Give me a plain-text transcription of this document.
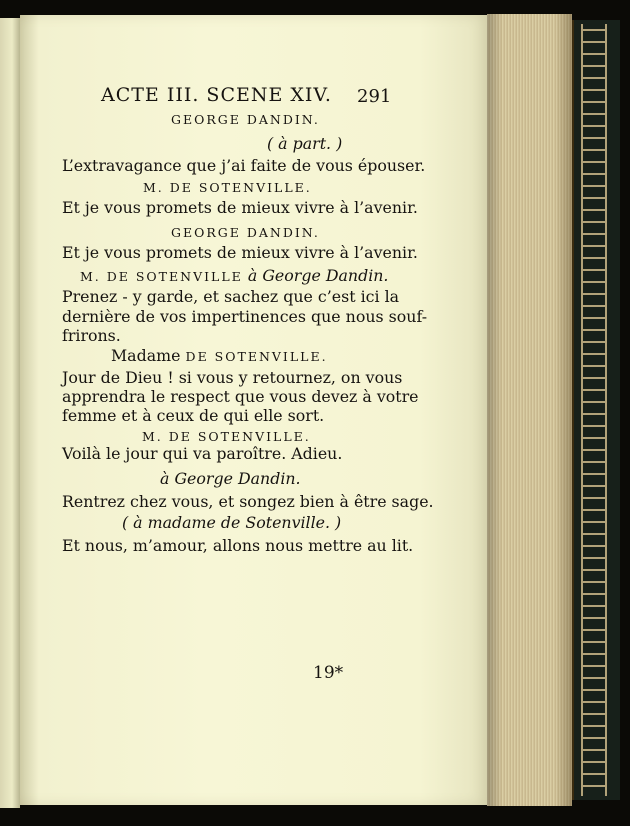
ACTE III. SCENE XIV. 291
GEORGE DANDIN.
( à part. )
L’extravagance que j’ai faite de vous épouser.
M. DE SOTENVILLE.
Et je vous promets de mieux vivre à l’avenir.
GEORGE DANDIN.
Et je vous promets de mieux vivre à l’avenir.
M. DE SOTENVILLE à George Dandin.
Prenez - y garde, et sachez que c’est ici la
dernière de vos impertinences que nous souf-
frirons.
Madame DE SOTENVILLE.
Jour de Dieu ! si vous y retournez, on vous
apprendra le respect que vous devez à votre
femme et à ceux de qui elle sort.
M. DE SOTENVILLE.
Voilà le jour qui va paroître. Adieu.
à George Dandin.
Rentrez chez vous, et songez bien à être sage.
( à madame de Sotenville. )
Et nous, m’amour, allons nous mettre au lit.
19*
